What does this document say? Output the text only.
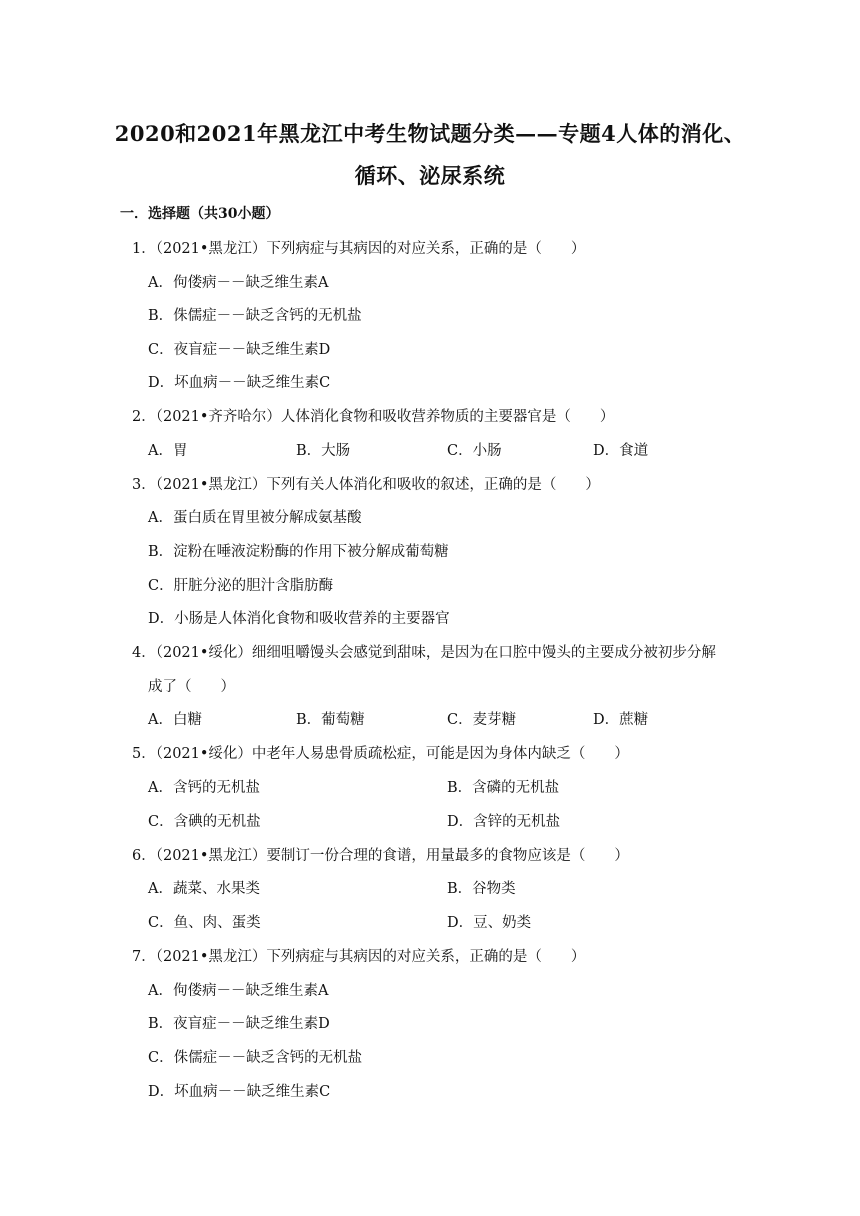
2020和2021年黑龙江中考生物试题分类——专题4人体的消化、
循环、泌尿系统
一．选择题（共30小题）
1．（2021•黑龙江）下列病症与其病因的对应关系，正确的是（　　）
A．佝偻病－－缺乏维生素A
B．侏儒症－－缺乏含钙的无机盐
C．夜盲症－－缺乏维生素D
D．坏血病－－缺乏维生素C
2．（2021•齐齐哈尔）人体消化食物和吸收营养物质的主要器官是（　　）
A．胃	B．大肠	C．小肠	D．食道
3．（2021•黑龙江）下列有关人体消化和吸收的叙述，正确的是（　　）
A．蛋白质在胃里被分解成氨基酸
B．淀粉在唾液淀粉酶的作用下被分解成葡萄糖
C．肝脏分泌的胆汁含脂肪酶
D．小肠是人体消化食物和吸收营养的主要器官
4．（2021•绥化）细细咀嚼馒头会感觉到甜味，是因为在口腔中馒头的主要成分被初步分解
成了（　　）
A．白糖	B．葡萄糖	C．麦芽糖	D．蔗糖
5．（2021•绥化）中老年人易患骨质疏松症，可能是因为身体内缺乏（　　）
A．含钙的无机盐	B．含磷的无机盐
C．含碘的无机盐	D．含锌的无机盐
6．（2021•黑龙江）要制订一份合理的食谱，用量最多的食物应该是（　　）
A．蔬菜、水果类	B．谷物类
C．鱼、肉、蛋类	D．豆、奶类
7．（2021•黑龙江）下列病症与其病因的对应关系，正确的是（　　）
A．佝偻病－－缺乏维生素A
B．夜盲症－－缺乏维生素D
C．侏儒症－－缺乏含钙的无机盐
D．坏血病－－缺乏维生素C
